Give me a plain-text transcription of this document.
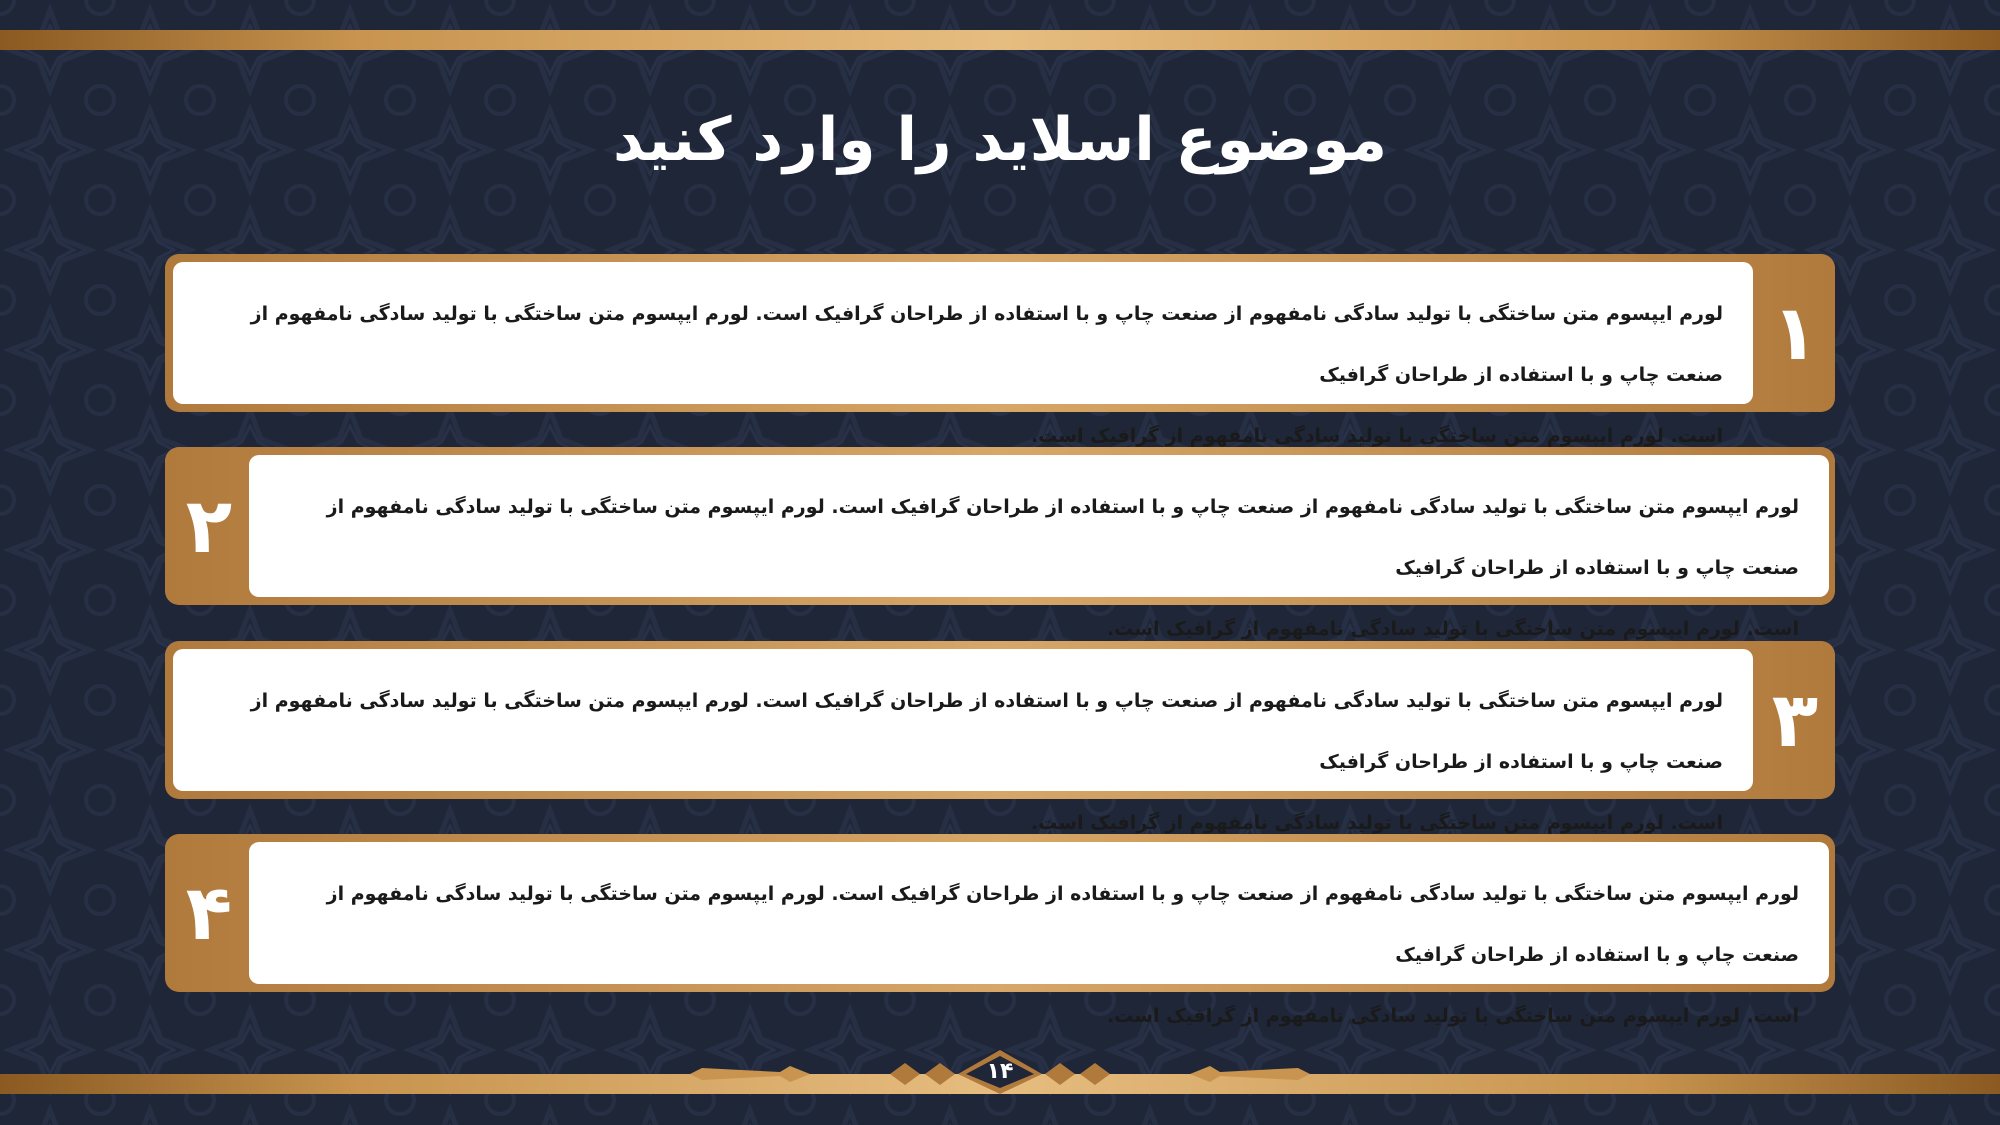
موضوع اسلاید را وارد کنید
لورم ایپسوم متن ساختگی با تولید سادگی نامفهوم از صنعت چاپ و با استفاده از طراحان گرافیک است. لورم ایپسوم متن ساختگی با تولید سادگی نامفهوم از صنعت چاپ و با استفاده از طراحان گرافیک
است. لورم ایپسوم متن ساختگی با تولید سادگی نامفهوم از گرافیک است.
۱
۲	لورم ایپسوم متن ساختگی با تولید سادگی نامفهوم از صنعت چاپ و با استفاده از طراحان گرافیک است. لورم ایپسوم متن ساختگی با تولید سادگی نامفهوم از صنعت چاپ و با استفاده از طراحان گرافیک
است. لورم ایپسوم متن ساختگی با تولید سادگی نامفهوم از گرافیک است.
لورم ایپسوم متن ساختگی با تولید سادگی نامفهوم از صنعت چاپ و با استفاده از طراحان گرافیک است. لورم ایپسوم متن ساختگی با تولید سادگی نامفهوم از صنعت چاپ و با استفاده از طراحان گرافیک
است. لورم ایپسوم متن ساختگی با تولید سادگی نامفهوم از گرافیک است.
۳
۴	لورم ایپسوم متن ساختگی با تولید سادگی نامفهوم از صنعت چاپ و با استفاده از طراحان گرافیک است. لورم ایپسوم متن ساختگی با تولید سادگی نامفهوم از صنعت چاپ و با استفاده از طراحان گرافیک
است. لورم ایپسوم متن ساختگی با تولید سادگی نامفهوم از گرافیک است.
۱۴
